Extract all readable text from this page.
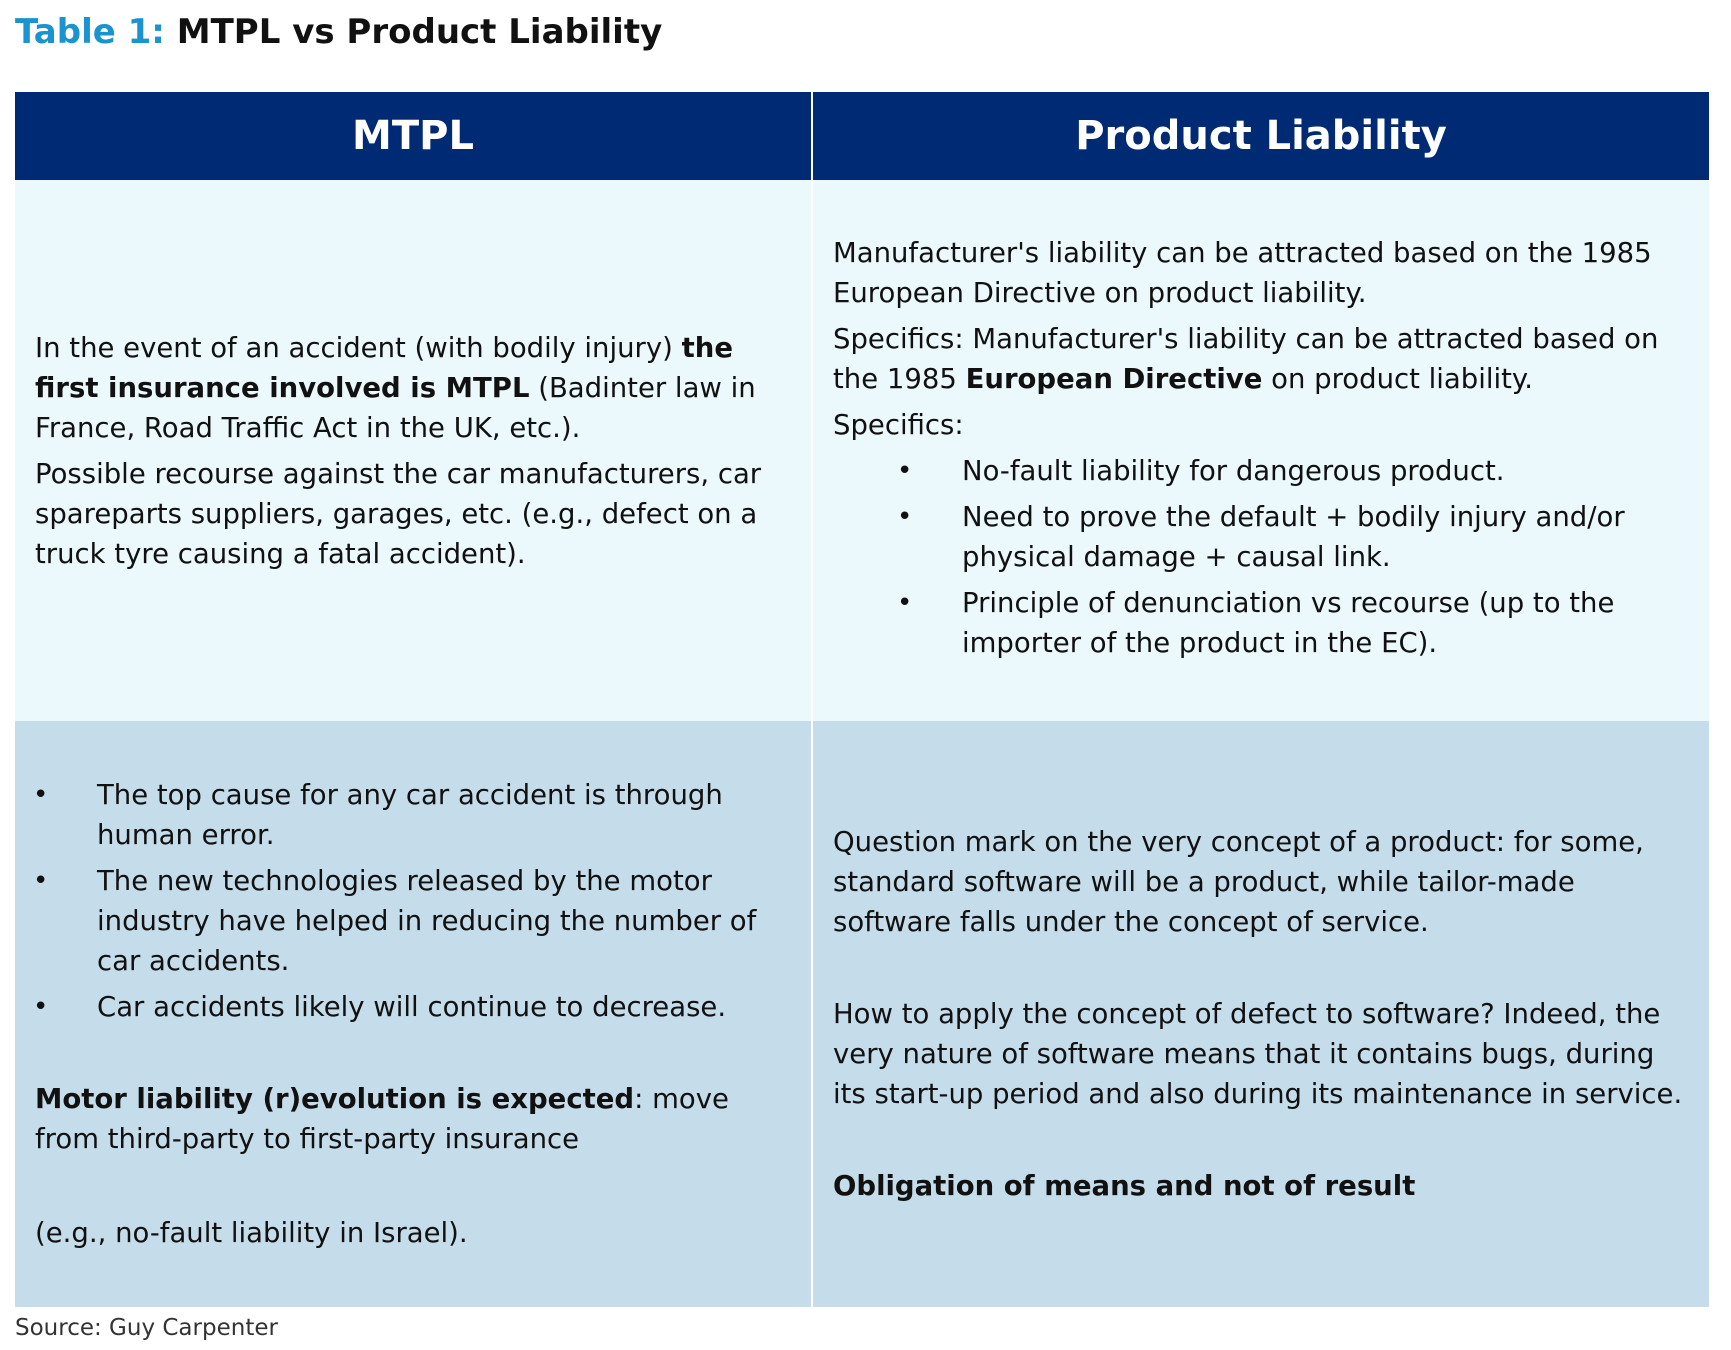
Table 1: MTPL vs Product Liability
MTPL	Product Liability

In the event of an accident (with bodily injury) the first insurance involved is MTPL (Badinter law in France, Road Traffic Act in the UK, etc.).

Possible recourse against the car manufacturers, car spareparts suppliers, garages, etc. (e.g., defect on a truck tyre causing a fatal accident).

Manufacturer's liability can be attracted based on the 1985 European Directive on product liability.

Specifics: Manufacturer's liability can be attracted based on the 1985 European Directive on product liability.

Specifics:

• No-fault liability for dangerous product.
• Need to prove the default + bodily injury and/or physical damage + causal link.
• Principle of denunciation vs recourse (up to the importer of the product in the EC).
• The top cause for any car accident is through human error.
• The new technologies released by the motor industry have helped in reducing the number of car accidents.
• Car accidents likely will continue to decrease.

Motor liability (r)evolution is expected: move from third-party to first-party insurance

(e.g., no-fault liability in Israel).

Question mark on the very concept of a product: for some, standard software will be a product, while tailor-made software falls under the concept of service.

How to apply the concept of defect to software? Indeed, the very nature of software means that it contains bugs, during its start-up period and also during its maintenance in service.

Obligation of means and not of result

Source: Guy Carpenter
